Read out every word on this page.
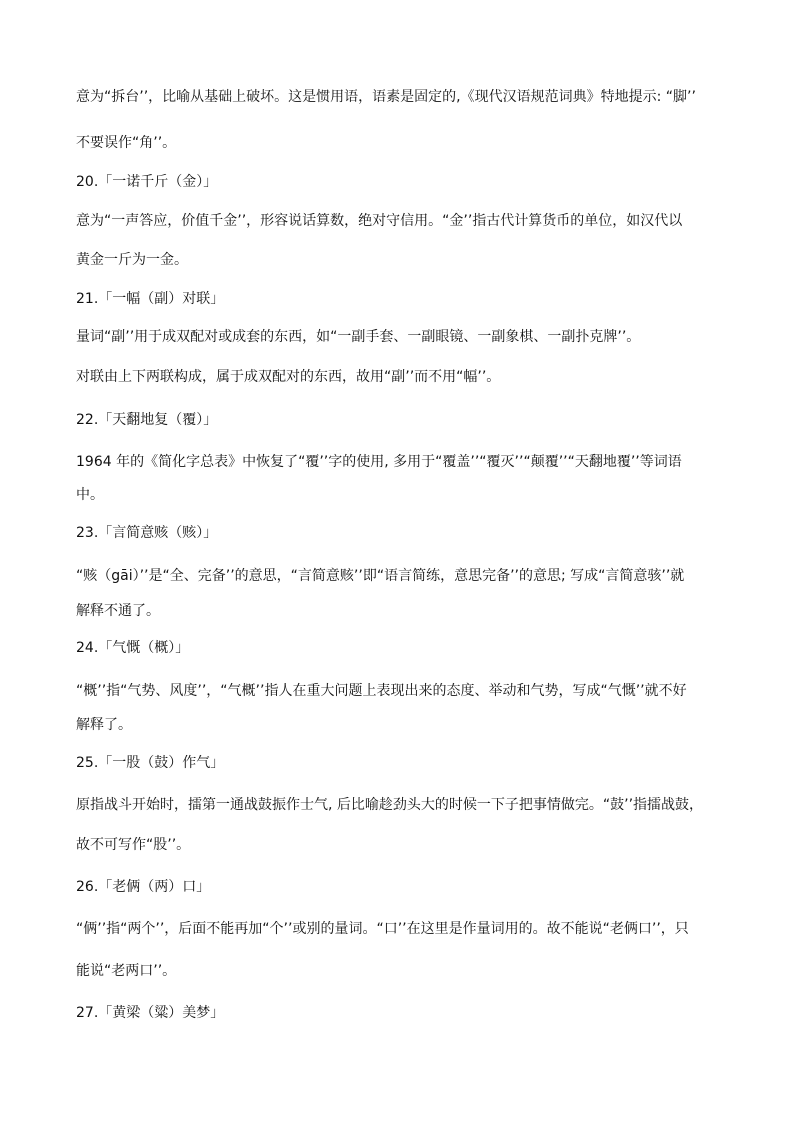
意为“拆台’’，比喻从基础上破坏。这是惯用语，语素是固定的,《现代汉语规范词典》特地提示: “脚’’
不要误作“角’’。
20.「一诺千斤（金）」
意为“一声答应，价值千金’’，形容说话算数，绝对守信用。“金’’指古代计算货币的单位，如汉代以
黄金一斤为一金。
21.「一幅（副）对联」
量词“副’’用于成双配对或成套的东西，如“一副手套、一副眼镜、一副象棋、一副扑克牌’’。
对联由上下两联构成，属于成双配对的东西，故用“副’’而不用“幅’’。
22.「天翻地复（覆）」
1964 年的《简化字总表》中恢复了“覆’’字的使用, 多用于“覆盖’’“覆灭’’“颠覆’’“天翻地覆’’等词语
中。
23.「言简意赅（赅）」
“赅（gāi）’’是“全、完备’’的意思，“言简意赅’’即“语言简练，意思完备’’的意思; 写成“言简意骇’’就
解释不通了。
24.「气慨（概）」
“概’’指“气势、风度’’，“气概’’指人在重大问题上表现出来的态度、举动和气势，写成“气慨’’就不好
解释了。
25.「一股（鼓）作气」
原指战斗开始时，擂第一通战鼓振作士气, 后比喻趁劲头大的时候一下子把事情做完。“鼓’’指擂战鼓，
故不可写作“股’’。
26.「老俩（两）口」
“俩’’指“两个’’，后面不能再加“个’’或别的量词。“口’’在这里是作量词用的。故不能说“老俩口’’，只
能说“老两口’’。
27.「黄梁（粱）美梦」
